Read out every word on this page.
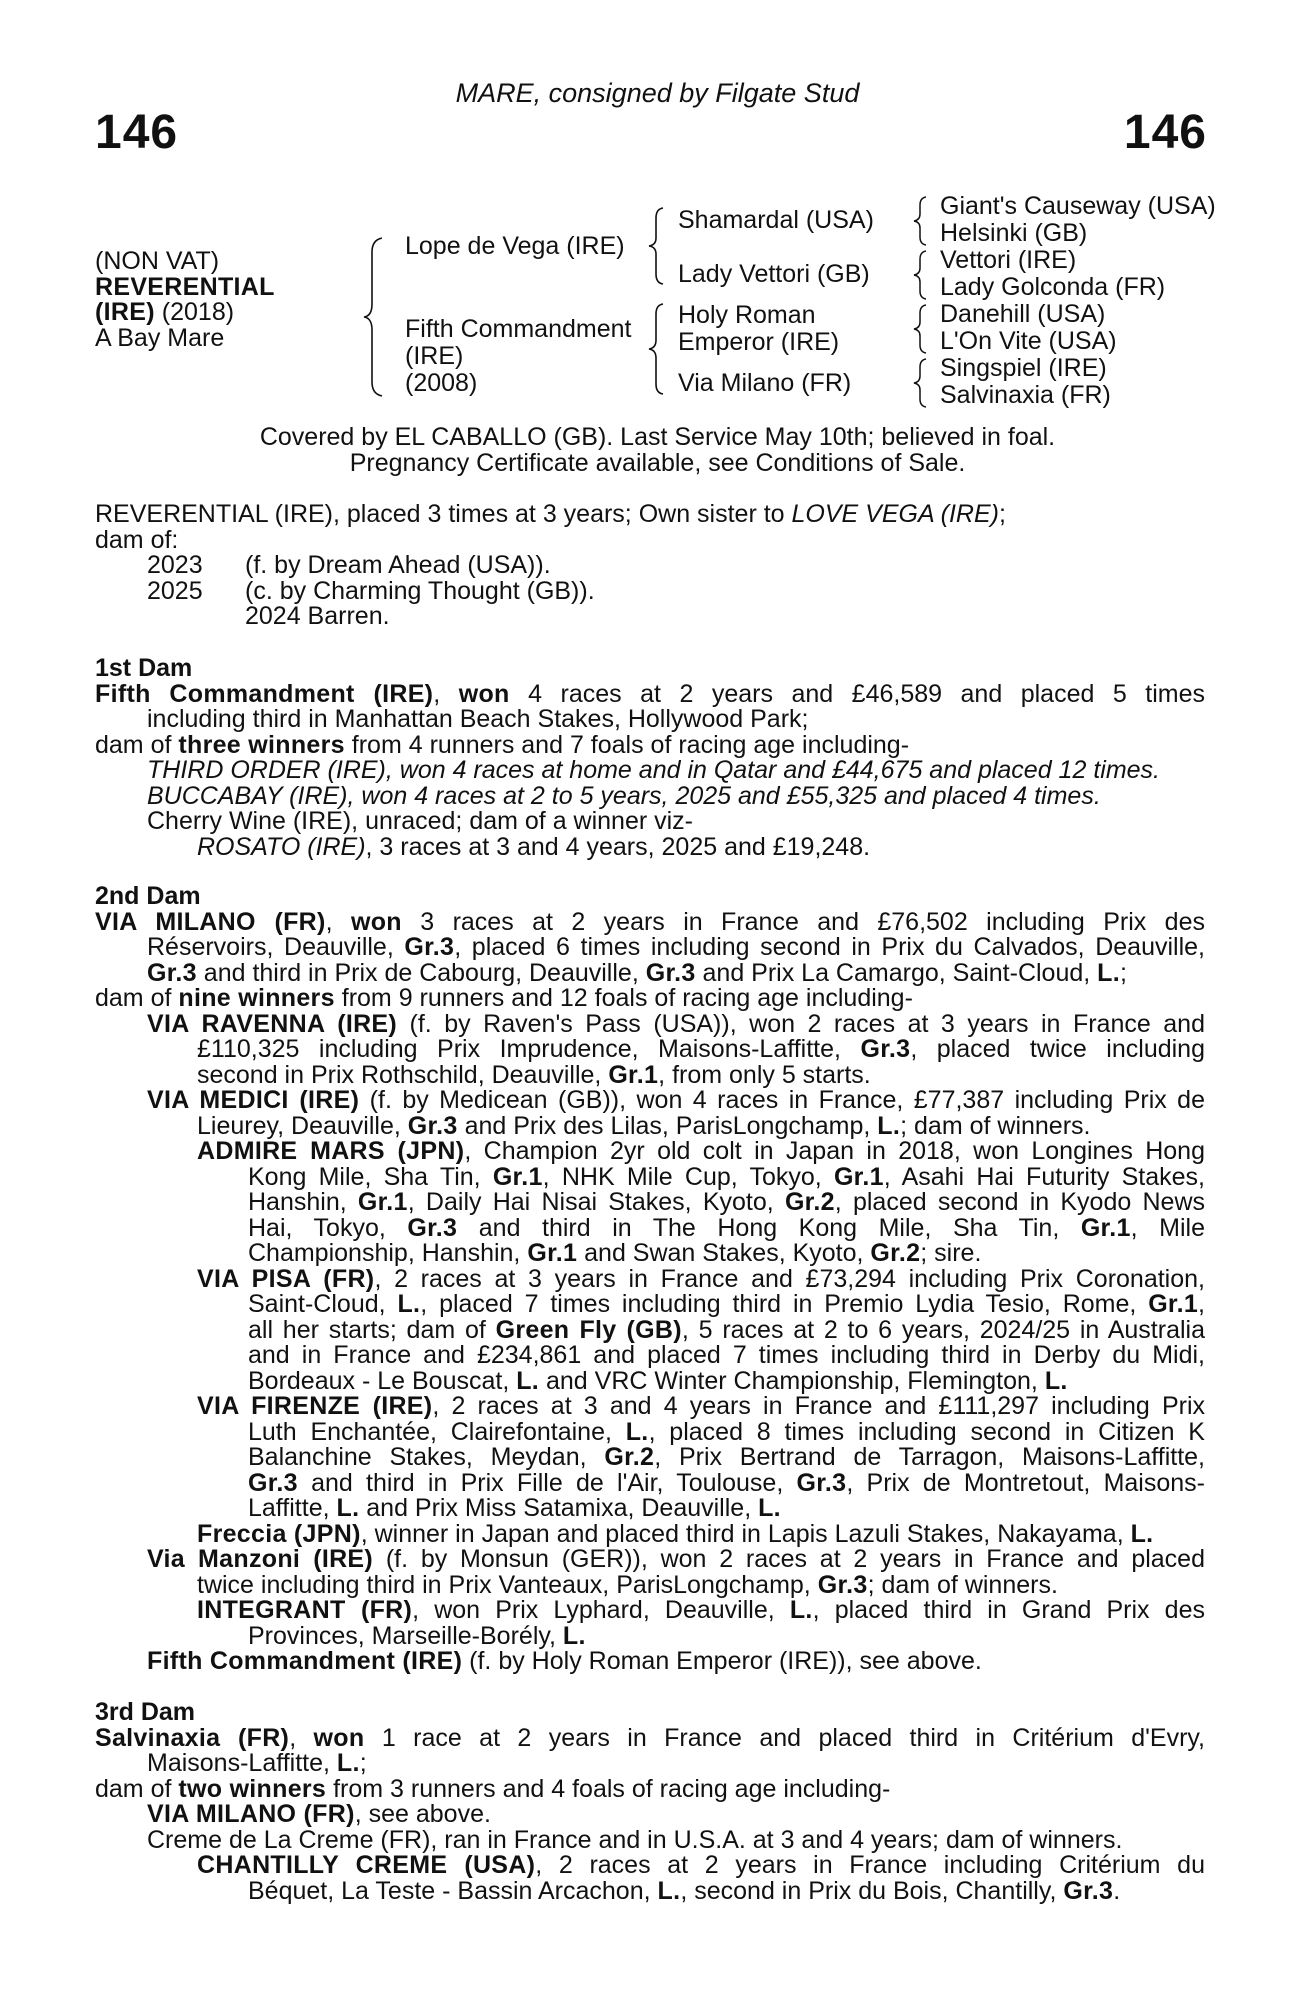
146	146
MARE, consigned by Filgate Stud
(NON VAT)
REVERENTIAL
(IRE) (2018)
A Bay Mare
Lope de Vega (IRE)
Fifth Commandment
(IRE)
(2008)
Shamardal (USA)
Lady Vettori (GB)
Holy Roman
Emperor (IRE)
Via Milano (FR)
Giant's Causeway (USA)
Helsinki (GB)
Vettori (IRE)
Lady Golconda (FR)
Danehill (USA)
L'On Vite (USA)
Singspiel (IRE)
Salvinaxia (FR)
Covered by EL CABALLO (GB). Last Service May 10th; believed in foal.
Pregnancy Certificate available, see Conditions of Sale.
REVERENTIAL (IRE), placed 3 times at 3 years; Own sister to LOVE VEGA (IRE);
dam of:
2023 (f. by Dream Ahead (USA)).
2025 (c. by Charming Thought (GB)).
2024 Barren.
1st Dam
Fifth Commandment (IRE), won 4 races at 2 years and £46,589 and placed 5 times
including third in Manhattan Beach Stakes, Hollywood Park;
dam of three winners from 4 runners and 7 foals of racing age including-
THIRD ORDER (IRE), won 4 races at home and in Qatar and £44,675 and placed 12 times.
BUCCABAY (IRE), won 4 races at 2 to 5 years, 2025 and £55,325 and placed 4 times.
Cherry Wine (IRE), unraced; dam of a winner viz-
ROSATO (IRE), 3 races at 3 and 4 years, 2025 and £19,248.
2nd Dam
VIA MILANO (FR), won 3 races at 2 years in France and £76,502 including Prix des
Réservoirs, Deauville, Gr.3, placed 6 times including second in Prix du Calvados, Deauville,
Gr.3 and third in Prix de Cabourg, Deauville, Gr.3 and Prix La Camargo, Saint-Cloud, L.;
dam of nine winners from 9 runners and 12 foals of racing age including-
VIA RAVENNA (IRE) (f. by Raven's Pass (USA)), won 2 races at 3 years in France and
£110,325 including Prix Imprudence, Maisons-Laffitte, Gr.3, placed twice including
second in Prix Rothschild, Deauville, Gr.1, from only 5 starts.
VIA MEDICI (IRE) (f. by Medicean (GB)), won 4 races in France, £77,387 including Prix de
Lieurey, Deauville, Gr.3 and Prix des Lilas, ParisLongchamp, L.; dam of winners.
ADMIRE MARS (JPN), Champion 2yr old colt in Japan in 2018, won Longines Hong
Kong Mile, Sha Tin, Gr.1, NHK Mile Cup, Tokyo, Gr.1, Asahi Hai Futurity Stakes,
Hanshin, Gr.1, Daily Hai Nisai Stakes, Kyoto, Gr.2, placed second in Kyodo News
Hai, Tokyo, Gr.3 and third in The Hong Kong Mile, Sha Tin, Gr.1, Mile
Championship, Hanshin, Gr.1 and Swan Stakes, Kyoto, Gr.2; sire.
VIA PISA (FR), 2 races at 3 years in France and £73,294 including Prix Coronation,
Saint-Cloud, L., placed 7 times including third in Premio Lydia Tesio, Rome, Gr.1,
all her starts; dam of Green Fly (GB), 5 races at 2 to 6 years, 2024/25 in Australia
and in France and £234,861 and placed 7 times including third in Derby du Midi,
Bordeaux - Le Bouscat, L. and VRC Winter Championship, Flemington, L.
VIA FIRENZE (IRE), 2 races at 3 and 4 years in France and £111,297 including Prix
Luth Enchantée, Clairefontaine, L., placed 8 times including second in Citizen K
Balanchine Stakes, Meydan, Gr.2, Prix Bertrand de Tarragon, Maisons-Laffitte,
Gr.3 and third in Prix Fille de l'Air, Toulouse, Gr.3, Prix de Montretout, Maisons-
Laffitte, L. and Prix Miss Satamixa, Deauville, L.
Freccia (JPN), winner in Japan and placed third in Lapis Lazuli Stakes, Nakayama, L.
Via Manzoni (IRE) (f. by Monsun (GER)), won 2 races at 2 years in France and placed
twice including third in Prix Vanteaux, ParisLongchamp, Gr.3; dam of winners.
INTEGRANT (FR), won Prix Lyphard, Deauville, L., placed third in Grand Prix des
Provinces, Marseille-Borély, L.
Fifth Commandment (IRE) (f. by Holy Roman Emperor (IRE)), see above.
3rd Dam
Salvinaxia (FR), won 1 race at 2 years in France and placed third in Critérium d'Evry,
Maisons-Laffitte, L.;
dam of two winners from 3 runners and 4 foals of racing age including-
VIA MILANO (FR), see above.
Creme de La Creme (FR), ran in France and in U.S.A. at 3 and 4 years; dam of winners.
CHANTILLY CREME (USA), 2 races at 2 years in France including Critérium du
Béquet, La Teste - Bassin Arcachon, L., second in Prix du Bois, Chantilly, Gr.3.
